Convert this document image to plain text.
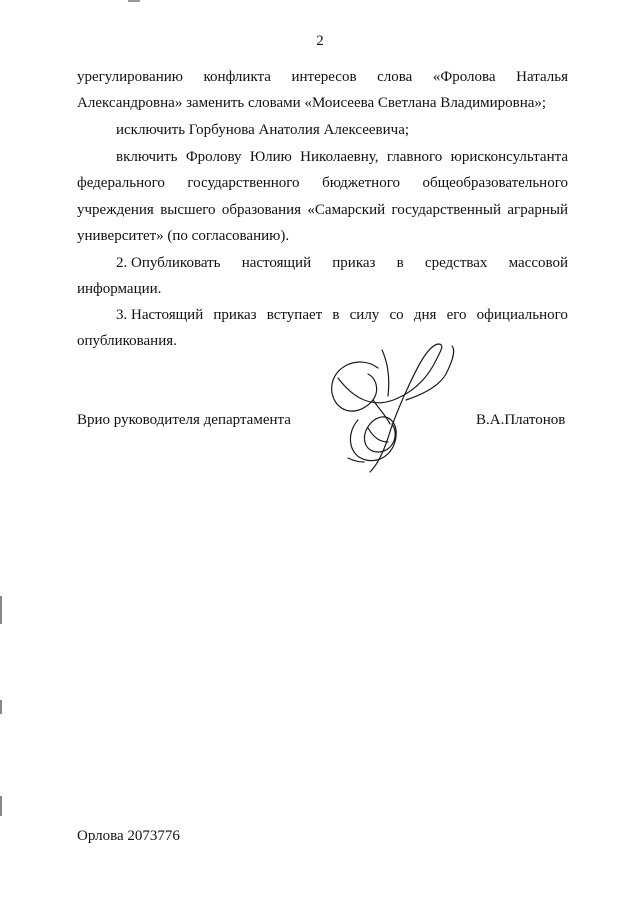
2
урегулированию конфликта интересов слова «Фролова Наталья
Александровна» заменить словами «Моисеева Светлана Владимировна»;
исключить Горбунова Анатолия Алексеевича;
включить Фролову Юлию Николаевну, главного юрисконсультанта
федерального государственного бюджетного общеобразовательного
учреждения высшего образования «Самарский государственный аграрный
университет» (по согласованию).
2. Опубликовать настоящий приказ в средствах массовой
информации.
3. Настоящий приказ вступает в силу со дня его официального
опубликования.
Врио руководителя департамента	В.А.Платонов
Орлова 2073776
